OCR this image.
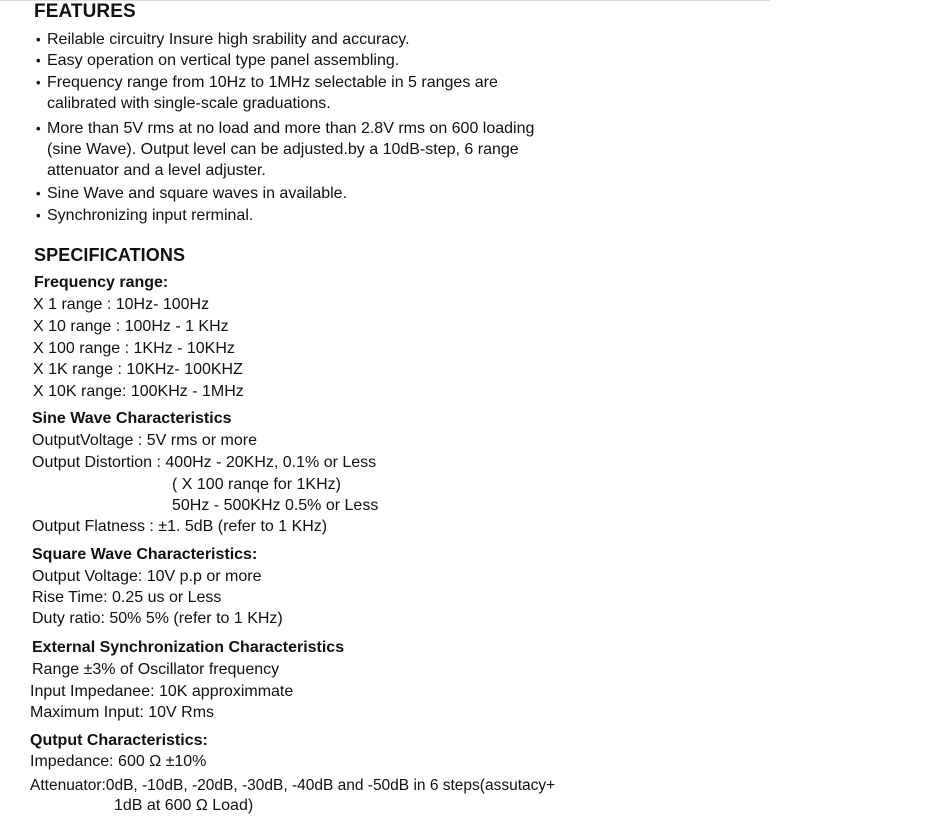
FEATURES
• Reilable circuitry Insure high srability and accuracy.
• Easy operation on vertical type panel assembling.
• Frequency range from 10Hz to 1MHz selectable in 5 ranges are
calibrated with single-scale graduations.
• More than 5V rms at no load and more than 2.8V rms on 600 loading
(sine Wave). Output level can be adjusted.by a 10dB-step, 6 range
attenuator and a level adjuster.
• Sine Wave and square waves in available.
• Synchronizing input rerminal.
SPECIFICATIONS
Frequency range:
X 1 range : 10Hz- 100Hz
X 10 range : 100Hz - 1 KHz
X 100 range : 1KHz - 10KHz
X 1K range : 10KHz- 100KHZ
X 10K range: 100KHz - 1MHz
Sine Wave Characteristics
OutputVoltage : 5V rms or more
Output Distortion : 400Hz - 20KHz, 0.1% or Less
( X 100 ranqe for 1KHz)
50Hz - 500KHz 0.5% or Less
Output Flatness : ±1. 5dB (refer to 1 KHz)
Square Wave Characteristics:
Output Voltage: 10V p.p or more
Rise Time: 0.25 us or Less
Duty ratio: 50% 5% (refer to 1 KHz)
External Synchronization Characteristics
Range ±3% of Oscillator frequency
Input Impedanee: 10K approximmate
Maximum Input: 10V Rms
Qutput Characteristics:
Impedance: 600 Ω ±10%
Attenuator:0dB, -10dB, -20dB, -30dB, -40dB and -50dB in 6 steps(assutacy+
1dB at 600 Ω Load)
